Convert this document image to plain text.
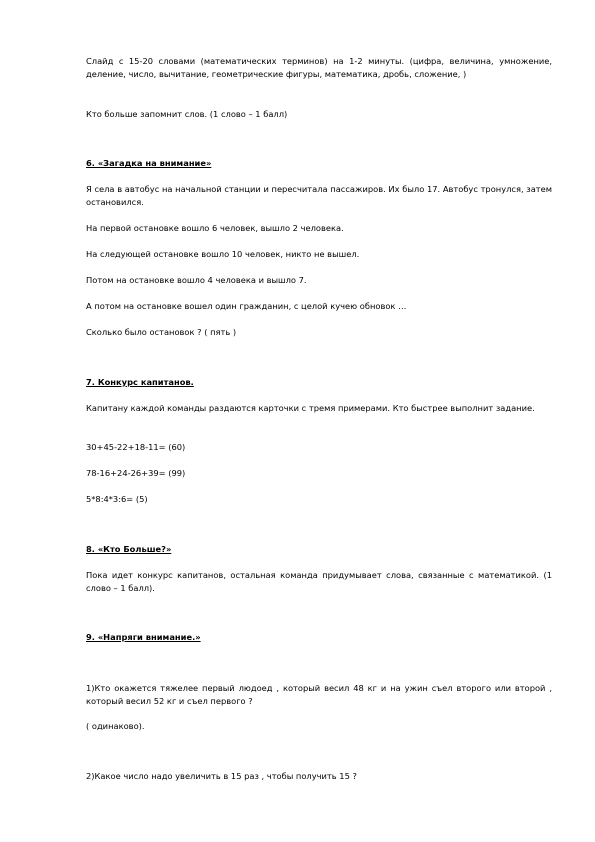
Слайд с 15-20 словами (математических терминов) на 1-2 минуты. (цифра, величина, умножение, деление, число, вычитание, геометрические фигуры, математика, дробь, сложение, )

Кто больше запомнит слов. (1 слово – 1 балл)

6. «Загадка на внимание»

Я села в автобус на начальной станции и пересчитала пассажиров. Их было 17. Автобус тронулся, затем остановился.

На первой остановке вошло 6 человек, вышло 2 человека.

На следующей остановке вошло 10 человек, никто не вышел.

Потом на остановке вошло 4 человека и вышло 7.

А потом на остановке вошел один гражданин, с целой кучею обновок …

Сколько было остановок ? ( пять )

7. Конкурс капитанов.

Капитану каждой команды раздаются карточки с тремя примерами. Кто быстрее выполнит задание.

30+45-22+18-11= (60)

78-16+24-26+39= (99)

5*8:4*3:6= (5)

8. «Кто Больше?»

Пока идет конкурс капитанов, остальная команда придумывает слова, связанные с математикой. (1 слово – 1 балл).

9. «Напряги внимание.»

1)Кто окажется тяжелее первый людоед , который весил 48 кг и на ужин съел второго или второй , который весил 52 кг и съел первого ?

( одинаково).

2)Какое число надо увеличить в 15 раз , чтобы получить 15 ?
